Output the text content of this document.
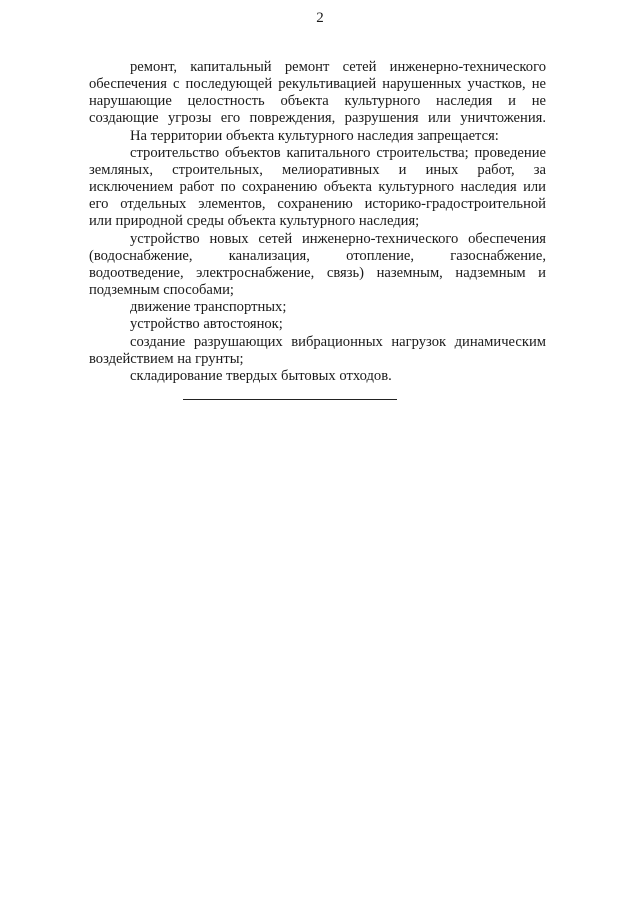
2
ремонт, капитальный ремонт сетей инженерно-технического
обеспечения с последующей рекультивацией нарушенных участков, не
нарушающие целостность объекта культурного наследия и не
создающие угрозы его повреждения, разрушения или уничтожения.
На территории объекта культурного наследия запрещается:
строительство объектов капитального строительства; проведение
земляных, строительных, мелиоративных и иных работ, за
исключением работ по сохранению объекта культурного наследия или
его отдельных элементов, сохранению историко-градостроительной
или природной среды объекта культурного наследия;
устройство новых сетей инженерно-технического обеспечения
(водоснабжение, канализация, отопление, газоснабжение,
водоотведение, электроснабжение, связь) наземным, надземным и
подземным способами;
движение транспортных;
устройство автостоянок;
создание разрушающих вибрационных нагрузок динамическим
воздействием на грунты;
складирование твердых бытовых отходов.
